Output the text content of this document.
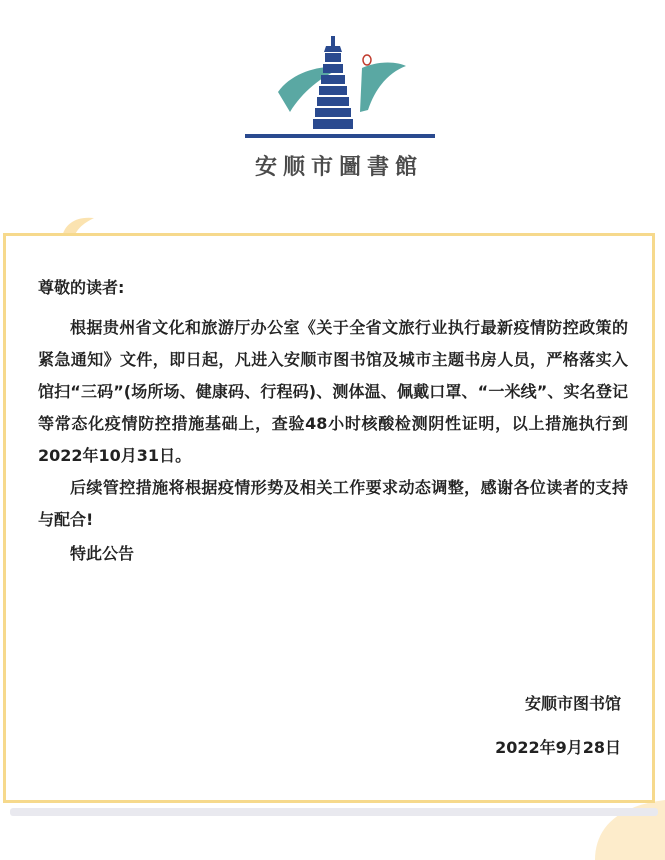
安顺市圖書館

尊敬的读者:

根据贵州省文化和旅游厅办公室《关于全省文旅行业执行最新疫情防控政策的紧急通知》文件，即日起，凡进入安顺市图书馆及城市主题书房人员，严格落实入馆扫“三码”(场所场、健康码、行程码)、测体温、佩戴口罩、“一米线”、实名登记等常态化疫情防控措施基础上，查验48小时核酸检测阴性证明，以上措施执行到2022年10月31日。

后续管控措施将根据疫情形势及相关工作要求动态调整，感谢各位读者的支持与配合!

特此公告

安顺市图书馆
2022年9月28日
